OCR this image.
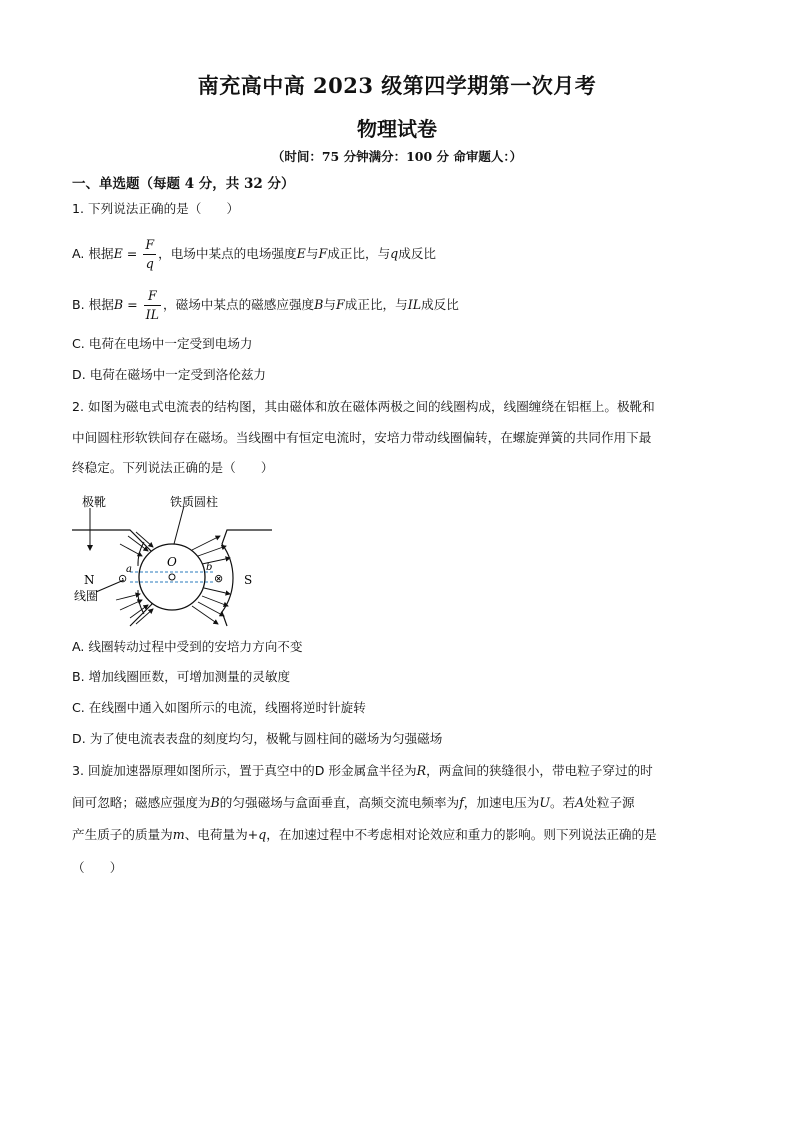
南充高中高 2023 级第四学期第一次月考
物理试卷
（时间：75 分钟满分：100 分 命审题人：）
一、单选题（每题 4 分，共 32 分）
1. 下列说法正确的是（　　）
A. 根据$E = \frac{F}{q}$ ，电场中某点的电场强度E与F成正比，与q成反比
B. 根据$B = \frac{F}{IL}$ ，磁场中某点的磁感应强度B与F成正比，与IL成反比
C. 电荷在电场中一定受到电场力
D. 电荷在磁场中一定受到洛伦兹力
2. 如图为磁电式电流表的结构图，其由磁体和放在磁体两极之间的线圈构成，线圈缠绕在铝框上。极靴和
中间圆柱形软铁间存在磁场。当线圈中有恒定电流时，安培力带动线圈偏转，在螺旋弹簧的共同作用下最
终稳定。下列说法正确的是（　　）
极靴	铁质圆柱
O
N	S
线圈
a	b
⊙	⊗
A. 线圈转动过程中受到的安培力方向不变
B. 增加线圈匝数，可增加测量的灵敏度
C. 在线圈中通入如图所示的电流，线圈将逆时针旋转
D. 为了使电流表表盘的刻度均匀，极靴与圆柱间的磁场为匀强磁场
3. 回旋加速器原理如图所示，置于真空中的D 形金属盒半径为R，两盒间的狭缝很小，带电粒子穿过的时
间可忽略；磁感应强度为B的匀强磁场与盒面垂直，高频交流电频率为f，加速电压为U。若A处粒子源
产生质子的质量为m、电荷量为+q，在加速过程中不考虑相对论效应和重力的影响。则下列说法正确的是
（　　）
